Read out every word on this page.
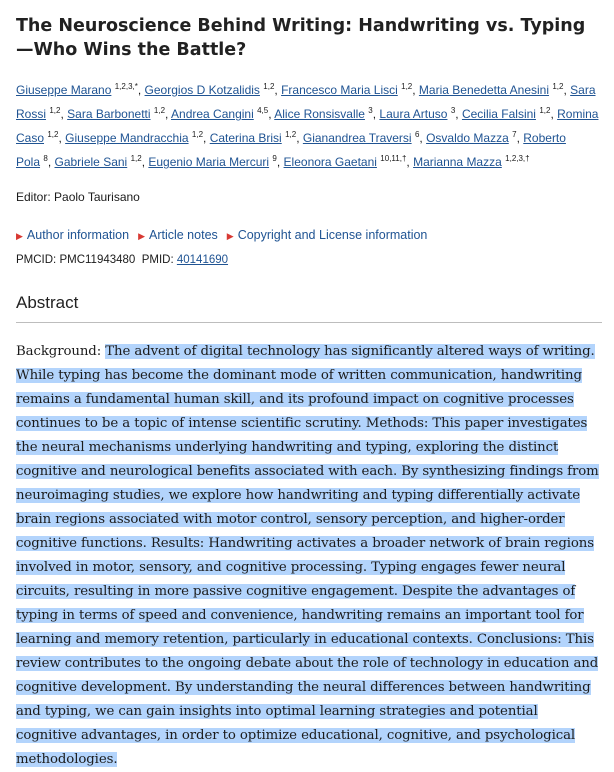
The Neuroscience Behind Writing: Handwriting vs. Typing—Who Wins the Battle?
Giuseppe Marano $^{1,2,3,*}$, Georgios D Kotzalidis $^{1,2}$, Francesco Maria Lisci $^{1,2}$, Maria Benedetta Anesini $^{1,2}$, Sara Rossi $^{1,2}$, Sara Barbonetti $^{1,2}$, Andrea Cangini $^{4,5}$, Alice Ronsisvalle $^3$, Laura Artuso $^3$, Cecilia Falsini $^{1,2}$, Romina Caso $^{1,2}$, Giuseppe Mandracchia $^{1,2}$, Caterina Brisi $^{1,2}$, Gianandrea Traversi $^6$, Osvaldo Mazza $^7$, Roberto Pola $^8$, Gabriele Sani $^{1,2}$, Eugenio Maria Mercuri $^9$, Eleonora Gaetani $^{10,11,\dagger}$, Marianna Mazza $^{1,2,3,\dagger}$
Editor: Paolo Taurisano
▶ Author information ▶ Article notes ▶ Copyright and License information
PMCID: PMC11943480 PMID: 40141690
Abstract
Background: The advent of digital technology has significantly altered ways of writing. While typing has become the dominant mode of written communication, handwriting remains a fundamental human skill, and its profound impact on cognitive processes continues to be a topic of intense scientific scrutiny. Methods: This paper investigates the neural mechanisms underlying handwriting and typing, exploring the distinct cognitive and neurological benefits associated with each. By synthesizing findings from neuroimaging studies, we explore how handwriting and typing differentially activate brain regions associated with motor control, sensory perception, and higher-order cognitive functions. Results: Handwriting activates a broader network of brain regions involved in motor, sensory, and cognitive processing. Typing engages fewer neural circuits, resulting in more passive cognitive engagement. Despite the advantages of typing in terms of speed and convenience, handwriting remains an important tool for learning and memory retention, particularly in educational contexts. Conclusions: This review contributes to the ongoing debate about the role of technology in education and cognitive development. By understanding the neural differences between handwriting and typing, we can gain insights into optimal learning strategies and potential cognitive advantages, in order to optimize educational, cognitive, and psychological methodologies.
